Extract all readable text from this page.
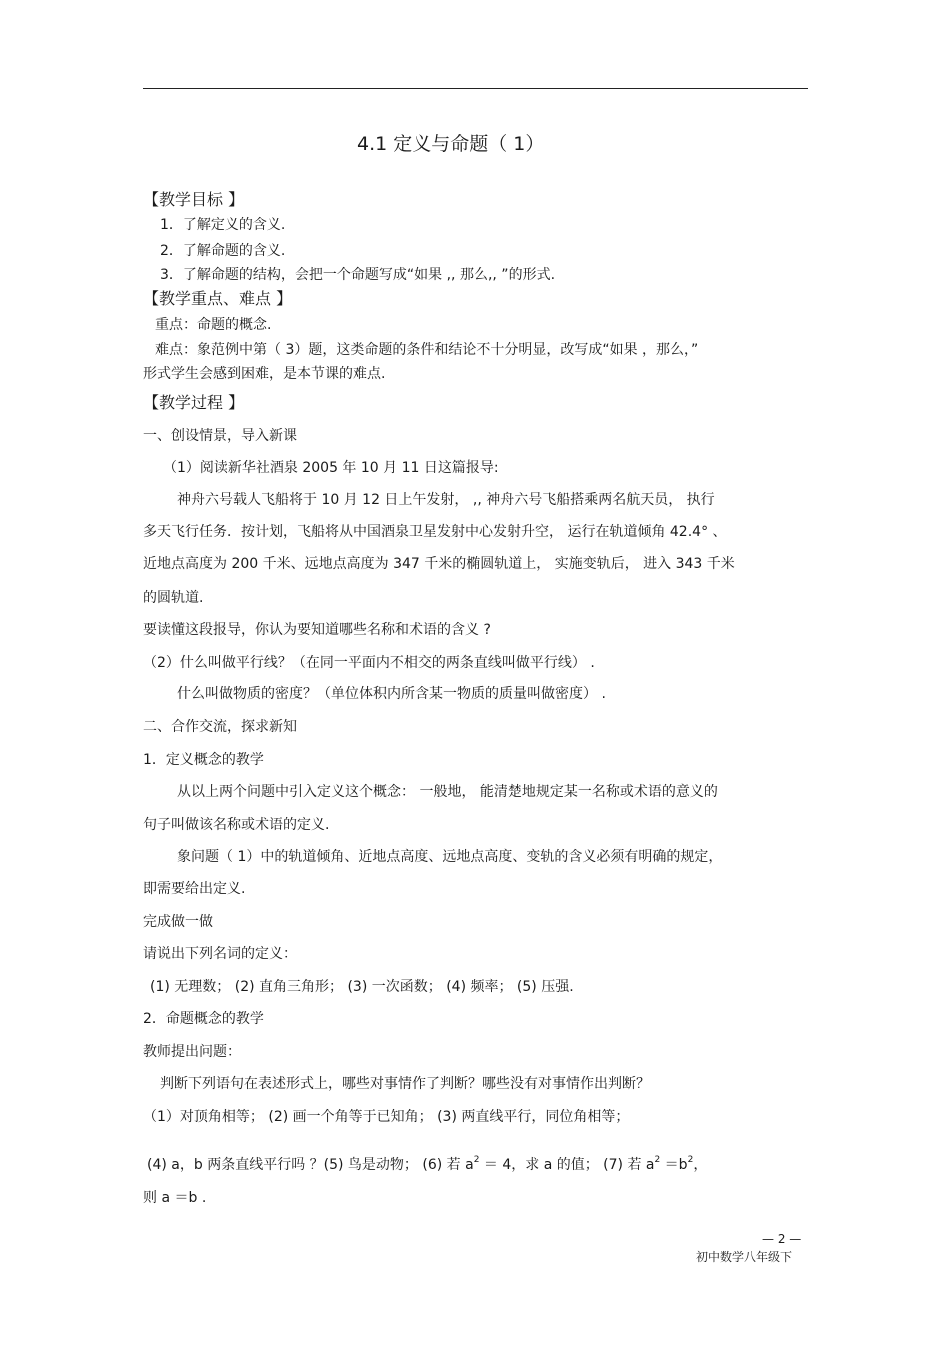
4.1 定义与命题（ 1）
【教学目标 】
1．了解定义的含义.
2．了解命题的含义.
3．了解命题的结构，会把一个命题写成“如果 ,, 那么,, ”的形式.
【教学重点、难点 】
重点：命题的概念.
难点：象范例中第（ 3）题，这类命题的条件和结论不十分明显，改写成“如果 ，那么，”
形式学生会感到困难，是本节课的难点.
【教学过程 】
一、创设情景，导入新课
（1）阅读新华社酒泉 2005 年 10 月 11 日这篇报导:
神舟六号载人飞船将于 10 月 12 日上午发射， ,, 神舟六号飞船搭乘两名航天员， 执行
多天飞行任务．按计划，飞船将从中国酒泉卫星发射中心发射升空， 运行在轨道倾角 42.4° 、
近地点高度为 200 千米、远地点高度为 347 千米的椭圆轨道上， 实施变轨后， 进入 343 千米
的圆轨道.
要读懂这段报导，你认为要知道哪些名称和术语的含义 ?
（2）什么叫做平行线？（在同一平面内不相交的两条直线叫做平行线） .
什么叫做物质的密度？（单位体积内所含某一物质的质量叫做密度） .
二、合作交流，探求新知
1．定义概念的教学
从以上两个问题中引入定义这个概念： 一般地， 能清楚地规定某一名称或术语的意义的
句子叫做该名称或术语的定义.
象问题（ 1）中的轨道倾角、近地点高度、远地点高度、变轨的含义必须有明确的规定，
即需要给出定义.
完成做一做
请说出下列名词的定义：
(1) 无理数； (2) 直角三角形； (3) 一次函数； (4) 频率； (5) 压强.
2．命题概念的教学
教师提出问题：
判断下列语句在表述形式上，哪些对事情作了判断？哪些没有对事情作出判断？
（1）对顶角相等； (2) 画一个角等于已知角； (3) 两直线平行，同位角相等；
(4) a，b 两条直线平行吗 ？(5) 鸟是动物； (6) 若 $a^2 = 4$，求 a 的值； (7) 若 $a^2 =b^2$，
则 a ＝b .
— 2 —
初中数学八年级下
